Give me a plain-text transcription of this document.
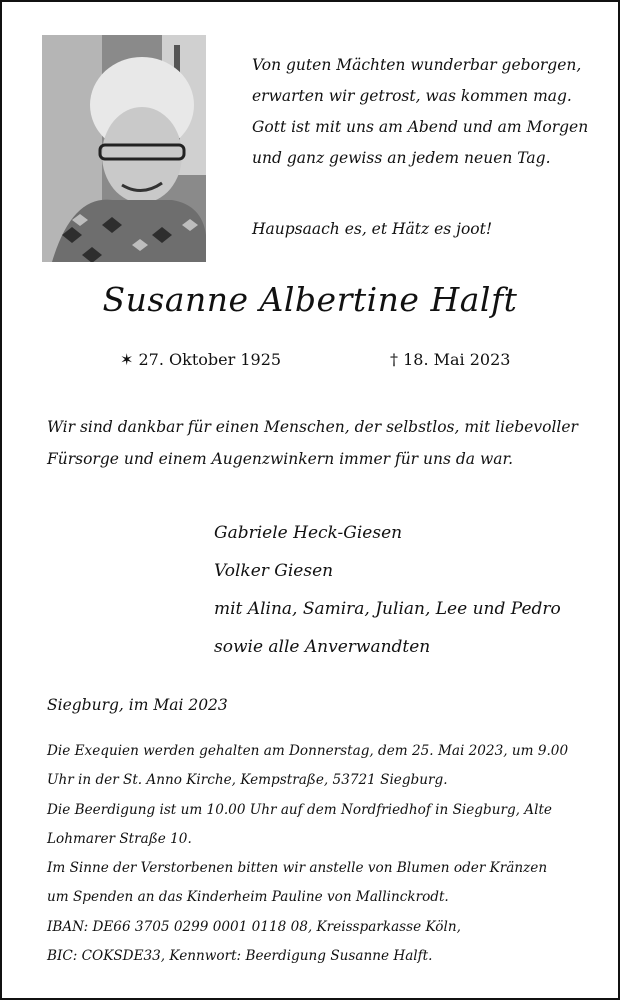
Von guten Mächten wunderbar geborgen,
erwarten wir getrost, was kommen mag.
Gott ist mit uns am Abend und am Morgen
und ganz gewiss an jedem neuen Tag.
Haupsaach es, et Hätz es joot!
Susanne Albertine Halft
✶ 27. Oktober 1925	† 18. Mai 2023
Wir sind dankbar für einen Menschen, der selbstlos, mit liebevoller
Fürsorge und einem Augenzwinkern immer für uns da war.
Gabriele Heck-Giesen
Volker Giesen
mit Alina, Samira, Julian, Lee und Pedro
sowie alle Anverwandten
Siegburg, im Mai 2023
Die Exequien werden gehalten am Donnerstag, dem 25. Mai 2023, um 9.00
Uhr in der St. Anno Kirche, Kempstraße, 53721 Siegburg.
Die Beerdigung ist um 10.00 Uhr auf dem Nordfriedhof in Siegburg, Alte
Lohmarer Straße 10.
Im Sinne der Verstorbenen bitten wir anstelle von Blumen oder Kränzen
um Spenden an das Kinderheim Pauline von Mallinckrodt.
IBAN: DE66 3705 0299 0001 0118 08, Kreissparkasse Köln,
BIC: COKSDE33, Kennwort: Beerdigung Susanne Halft.
